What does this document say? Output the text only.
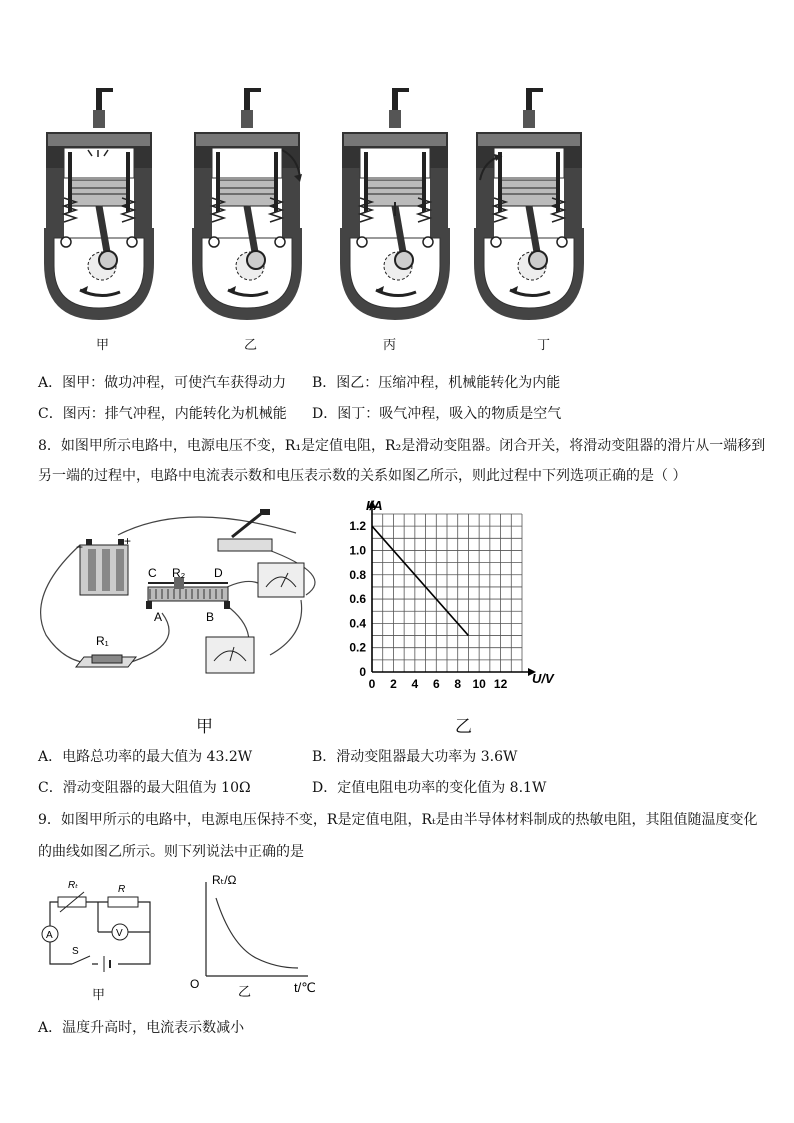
甲	乙	丙	丁
A．图甲：做功冲程，可使汽车获得动力 B．图乙：压缩冲程，机械能转化为内能
C．图丙：排气冲程，内能转化为机械能 D．图丁：吸气冲程，吸入的物质是空气
8．如图甲所示电路中，电源电压不变，R₁是定值电阻，R₂是滑动变阻器。闭合开关，将滑动变阻器的滑片从一端移到
另一端的过程中，电路中电流表示数和电压表示数的关系如图乙所示，则此过程中下列选项正确的是（ ）
−	+
C R₂ D
A	B
R₁
甲
0 2 4 6 8 10 12
0
0.2
0.4
0.6
0.8
1.0
1.2
U/V
I/A
乙
A．电路总功率的最大值为 43.2W	B．滑动变阻器最大功率为 3.6W
C．滑动变阻器的最大阻值为 10Ω	D．定值电阻电功率的变化值为 8.1W
9．如图甲所示的电路中，电源电压保持不变，R是定值电阻，Rₜ是由半导体材料制成的热敏电阻，其阻值随温度变化
的曲线如图乙所示。则下列说法中正确的是
A	V
Rₜ	R
S
甲
Rₜ/Ω
O	乙	t/℃
A．温度升高时，电流表示数减小
